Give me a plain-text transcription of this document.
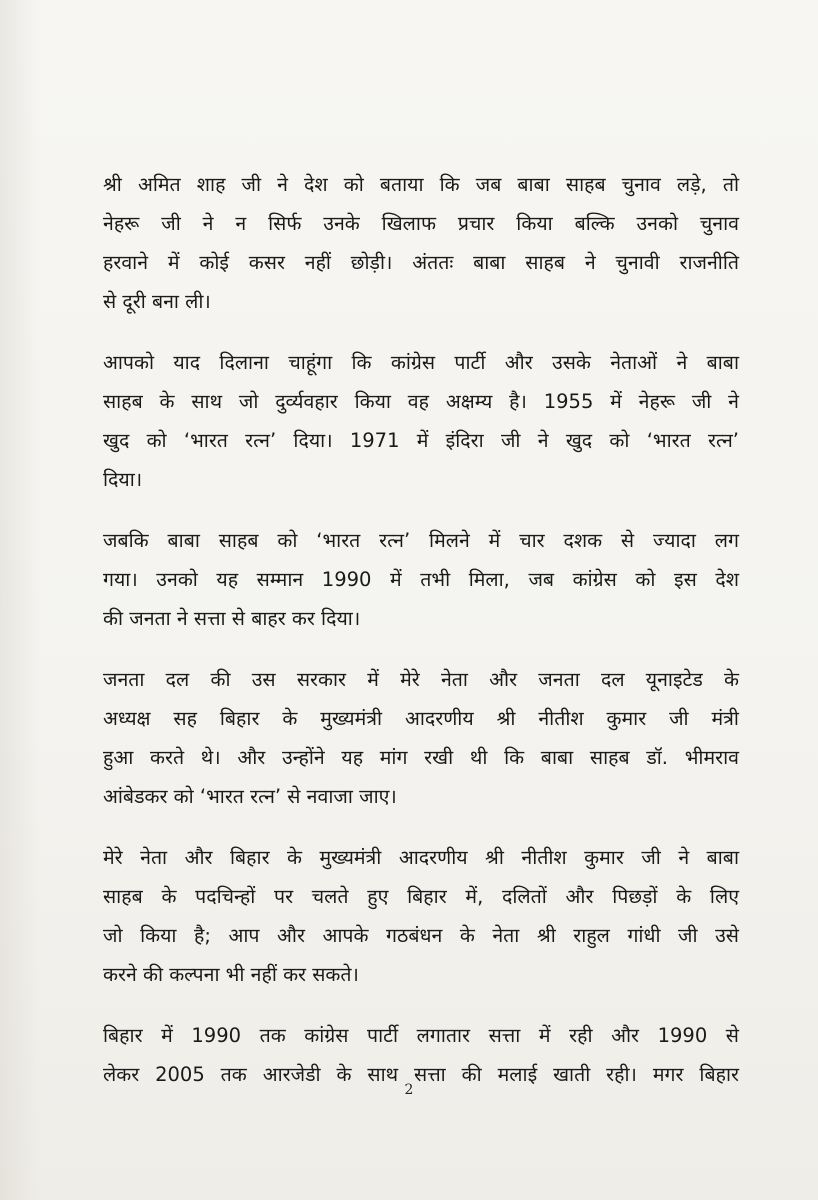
श्री अमित शाह जी ने देश को बताया कि जब बाबा साहब चुनाव लड़े, तो
नेहरू जी ने न सिर्फ उनके खिलाफ प्रचार किया बल्कि उनको चुनाव
हरवाने में कोई कसर नहीं छोड़ी। अंततः बाबा साहब ने चुनावी राजनीति
से दूरी बना ली।

आपको याद दिलाना चाहूंगा कि कांग्रेस पार्टी और उसके नेताओं ने बाबा
साहब के साथ जो दुर्व्यवहार किया वह अक्षम्य है। 1955 में नेहरू जी ने
खुद को ‘भारत रत्न’ दिया। 1971 में इंदिरा जी ने खुद को ‘भारत रत्न’
दिया।

जबकि बाबा साहब को ‘भारत रत्न’ मिलने में चार दशक से ज्यादा लग
गया। उनको यह सम्मान 1990 में तभी मिला, जब कांग्रेस को इस देश
की जनता ने सत्ता से बाहर कर दिया।

जनता दल की उस सरकार में मेरे नेता और जनता दल यूनाइटेड के
अध्यक्ष सह बिहार के मुख्यमंत्री आदरणीय श्री नीतीश कुमार जी मंत्री
हुआ करते थे। और उन्होंने यह मांग रखी थी कि बाबा साहब डॉ. भीमराव
आंबेडकर को ‘भारत रत्न’ से नवाजा जाए।

मेरे नेता और बिहार के मुख्यमंत्री आदरणीय श्री नीतीश कुमार जी ने बाबा
साहब के पदचिन्हों पर चलते हुए बिहार में, दलितों और पिछड़ों के लिए
जो किया है; आप और आपके गठबंधन के नेता श्री राहुल गांधी जी उसे
करने की कल्पना भी नहीं कर सकते।

बिहार में 1990 तक कांग्रेस पार्टी लगातार सत्ता में रही और 1990 से
लेकर 2005 तक आरजेडी के साथ सत्ता की मलाई खाती रही। मगर बिहार

2
